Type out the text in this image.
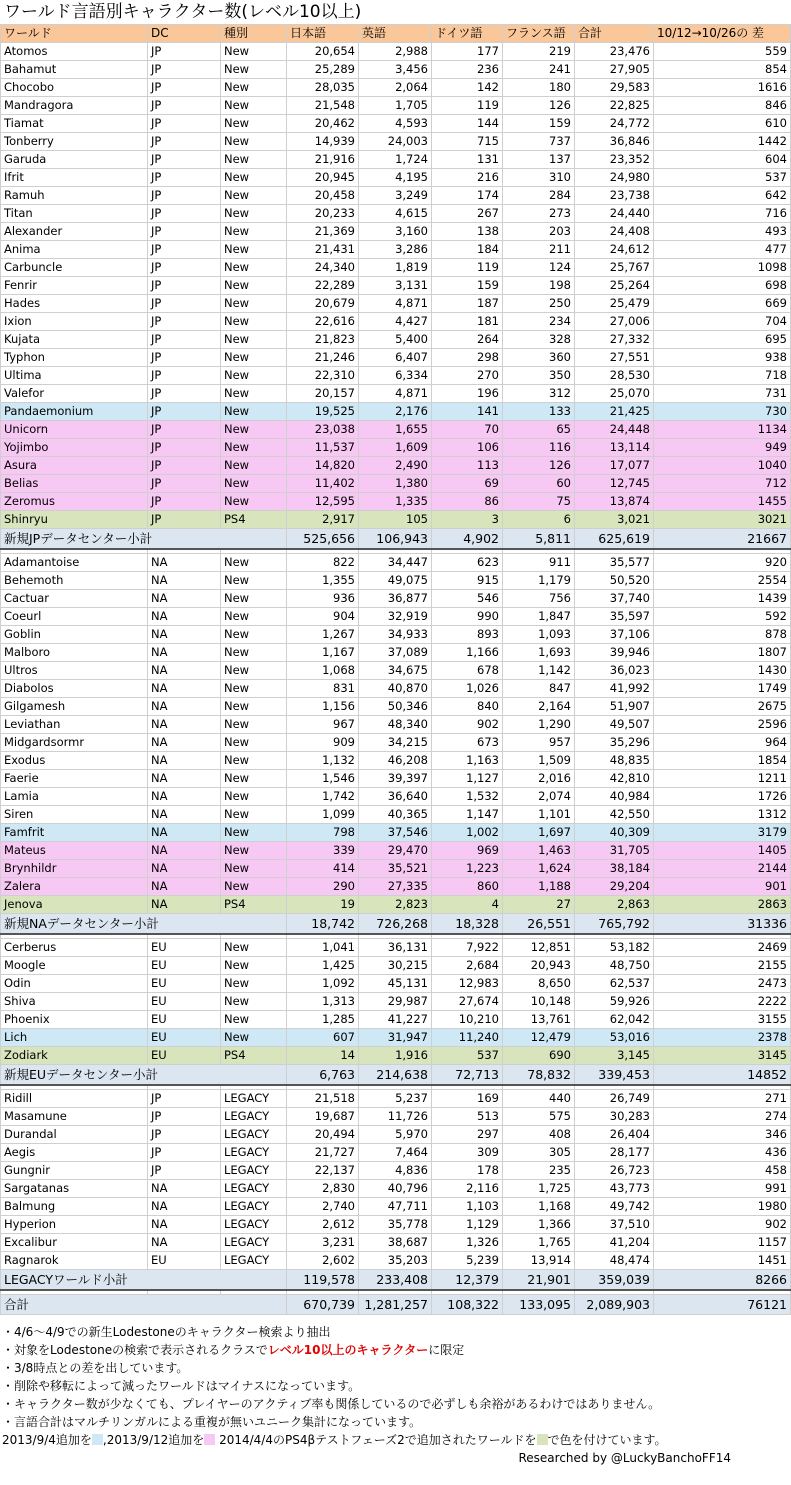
ワールド言語別キャラクター数(レベル10以上)
ワールド	DC	種別	日本語	英語	ドイツ語	フランス語	合計	10/12→10/26の 差
Atomos	JP	New	20,654	2,988	177	219	23,476	559
Bahamut	JP	New	25,289	3,456	236	241	27,905	854
Chocobo	JP	New	28,035	2,064	142	180	29,583	1616
Mandragora	JP	New	21,548	1,705	119	126	22,825	846
Tiamat	JP	New	20,462	4,593	144	159	24,772	610
Tonberry	JP	New	14,939	24,003	715	737	36,846	1442
Garuda	JP	New	21,916	1,724	131	137	23,352	604
Ifrit	JP	New	20,945	4,195	216	310	24,980	537
Ramuh	JP	New	20,458	3,249	174	284	23,738	642
Titan	JP	New	20,233	4,615	267	273	24,440	716
Alexander	JP	New	21,369	3,160	138	203	24,408	493
Anima	JP	New	21,431	3,286	184	211	24,612	477
Carbuncle	JP	New	24,340	1,819	119	124	25,767	1098
Fenrir	JP	New	22,289	3,131	159	198	25,264	698
Hades	JP	New	20,679	4,871	187	250	25,479	669
Ixion	JP	New	22,616	4,427	181	234	27,006	704
Kujata	JP	New	21,823	5,400	264	328	27,332	695
Typhon	JP	New	21,246	6,407	298	360	27,551	938
Ultima	JP	New	22,310	6,334	270	350	28,530	718
Valefor	JP	New	20,157	4,871	196	312	25,070	731
Pandaemonium	JP	New	19,525	2,176	141	133	21,425	730
Unicorn	JP	New	23,038	1,655	70	65	24,448	1134
Yojimbo	JP	New	11,537	1,609	106	116	13,114	949
Asura	JP	New	14,820	2,490	113	126	17,077	1040
Belias	JP	New	11,402	1,380	69	60	12,745	712
Zeromus	JP	New	12,595	1,335	86	75	13,874	1455
Shinryu	JP	PS4	2,917	105	3	6	3,021	3021
新規JPデータセンター小計			525,656	106,943	4,902	5,811	625,619	21667

Adamantoise	NA	New	822	34,447	623	911	35,577	920
Behemoth	NA	New	1,355	49,075	915	1,179	50,520	2554
Cactuar	NA	New	936	36,877	546	756	37,740	1439
Coeurl	NA	New	904	32,919	990	1,847	35,597	592
Goblin	NA	New	1,267	34,933	893	1,093	37,106	878
Malboro	NA	New	1,167	37,089	1,166	1,693	39,946	1807
Ultros	NA	New	1,068	34,675	678	1,142	36,023	1430
Diabolos	NA	New	831	40,870	1,026	847	41,992	1749
Gilgamesh	NA	New	1,156	50,346	840	2,164	51,907	2675
Leviathan	NA	New	967	48,340	902	1,290	49,507	2596
Midgardsormr	NA	New	909	34,215	673	957	35,296	964
Exodus	NA	New	1,132	46,208	1,163	1,509	48,835	1854
Faerie	NA	New	1,546	39,397	1,127	2,016	42,810	1211
Lamia	NA	New	1,742	36,640	1,532	2,074	40,984	1726
Siren	NA	New	1,099	40,365	1,147	1,101	42,550	1312
Famfrit	NA	New	798	37,546	1,002	1,697	40,309	3179
Mateus	NA	New	339	29,470	969	1,463	31,705	1405
Brynhildr	NA	New	414	35,521	1,223	1,624	38,184	2144
Zalera	NA	New	290	27,335	860	1,188	29,204	901
Jenova	NA	PS4	19	2,823	4	27	2,863	2863
新規NAデータセンター小計			18,742	726,268	18,328	26,551	765,792	31336

Cerberus	EU	New	1,041	36,131	7,922	12,851	53,182	2469
Moogle	EU	New	1,425	30,215	2,684	20,943	48,750	2155
Odin	EU	New	1,092	45,131	12,983	8,650	62,537	2473
Shiva	EU	New	1,313	29,987	27,674	10,148	59,926	2222
Phoenix	EU	New	1,285	41,227	10,210	13,761	62,042	3155
Lich	EU	New	607	31,947	11,240	12,479	53,016	2378
Zodiark	EU	PS4	14	1,916	537	690	3,145	3145
新規EUデータセンター小計			6,763	214,638	72,713	78,832	339,453	14852

Ridill	JP	LEGACY	21,518	5,237	169	440	26,749	271
Masamune	JP	LEGACY	19,687	11,726	513	575	30,283	274
Durandal	JP	LEGACY	20,494	5,970	297	408	26,404	346
Aegis	JP	LEGACY	21,727	7,464	309	305	28,177	436
Gungnir	JP	LEGACY	22,137	4,836	178	235	26,723	458
Sargatanas	NA	LEGACY	2,830	40,796	2,116	1,725	43,773	991
Balmung	NA	LEGACY	2,740	47,711	1,103	1,168	49,742	1980
Hyperion	NA	LEGACY	2,612	35,778	1,129	1,366	37,510	902
Excalibur	NA	LEGACY	3,231	38,687	1,326	1,765	41,204	1157
Ragnarok	EU	LEGACY	2,602	35,203	5,239	13,914	48,474	1451
LEGACYワールド小計			119,578	233,408	12,379	21,901	359,039	8266

合計			670,739	1,281,257	108,322	133,095	2,089,903	76121
・4/6～4/9での新生Lodestoneのキャラクター検索より抽出
・対象をLodestoneの検索で表示されるクラスでレベル10以上のキャラクターに限定
・3/8時点との差を出しています。
・削除や移転によって減ったワールドはマイナスになっています。
・キャラクター数が少なくても、プレイヤーのアクティブ率も関係しているので必ずしも余裕があるわけではありません。
・言語合計はマルチリンガルによる重複が無いユニーク集計になっています。
2013/9/4追加を ,2013/9/12追加を 2014/4/4のPS4βテストフェーズ2で追加されたワールドを で色を付けています。
Researched by @LuckyBanchoFF14
